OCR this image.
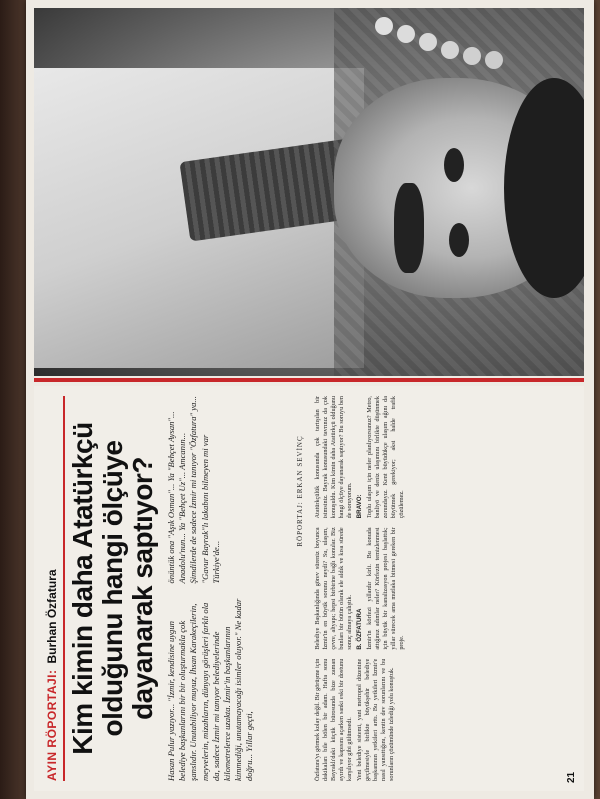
AYIN RÖPORTAJI:
Burhan Özfatura Kim kimin daha Atatürkçü olduğunu hangi ölçüye dayanarak saptıyor? Hasan Pulur yazıyor... "İzmir, kendisine uygun belediye başkanlarını bir bir oluşturmakla çok şanslıdır. Unutabiliyor muyuz, İhsan Karakeçilerin, meyvelerin, mizahların, dünyayı görüşleri farklı ola da, sadece İzmir mi tanıyor belediyelerinde kilometrelerce uzakta. İzmir'in başkanlarının kimmediği, unutamayacağı isimler oluyor." Ne kadar doğru... Yıllar geçti,

önüntük ona "Aşık Osman"... Ya "Behçet Aysan"... Anadolu'nun... Ya "Behçet Uz"... Amcanın... Şimdilerde de sadece İzmir mi tanıyor "Özfatura" ya... "Gavur Bayrak"lı lakabını bilmeyen mi var Türkiye'de...

RÖPORTAJ: ERKAN SEVİNÇ

Özfatura'yı görmek kolay değil. Bir görüşme için dakikaları bile bölen bir adam. Hafta sonu Bayraklı'daki küçük bürosunda bize zaman ayırdı ve kapısını açarken sanki eski bir dostunu karşılıyor gibi gülümsedi. Yeni belediye sistemi, yani metropol düzenine geçilmesiyle birlikte büyükşehir belediye başkanının yetkileri arttı. Bu yetkileri İzmir'e nasıl yansıttığını, kentin dev sorunlarını ve bu sorunların çözümünde izlediği yolu konuştuk.

Belediye Başkanlığında görev süreniz boyunca İzmir'in en büyük sorunu neydi? Su, ulaşım, çevre, altyapı; hepsi birbirine bağlı konular. Biz bunları bir bütün olarak ele aldık ve kısa sürede sonuç almaya çalıştık. B. ÖZFATURA İzmir'in körfezi yıllardır kirli. Bu konuda attığınız adımlar neler? Körfezin temizlenmesi için büyük bir kanalizasyon projesi başlattık; yıllar sürecek ama mutlaka bitmesi gereken bir proje.

Atatürkçülük konusunda çok tartışılan bir isimsiniz. Bayrak konusundaki tavrınız da çok konuşuldu. Kim kimin daha Atatürkçü olduğunu hangi ölçüye dayanarak saptıyor? Bu soruyu ben de soruyorum. BRAVO: Toplu ulaşım için neler planlıyorsunuz? Metro, banliyö ve deniz ulaşımını birlikte düşünmek zorundayız. Kent büyüdükçe ulaşım ağını da büyütmek gerekiyor; aksi halde trafik çözülemez.

21
